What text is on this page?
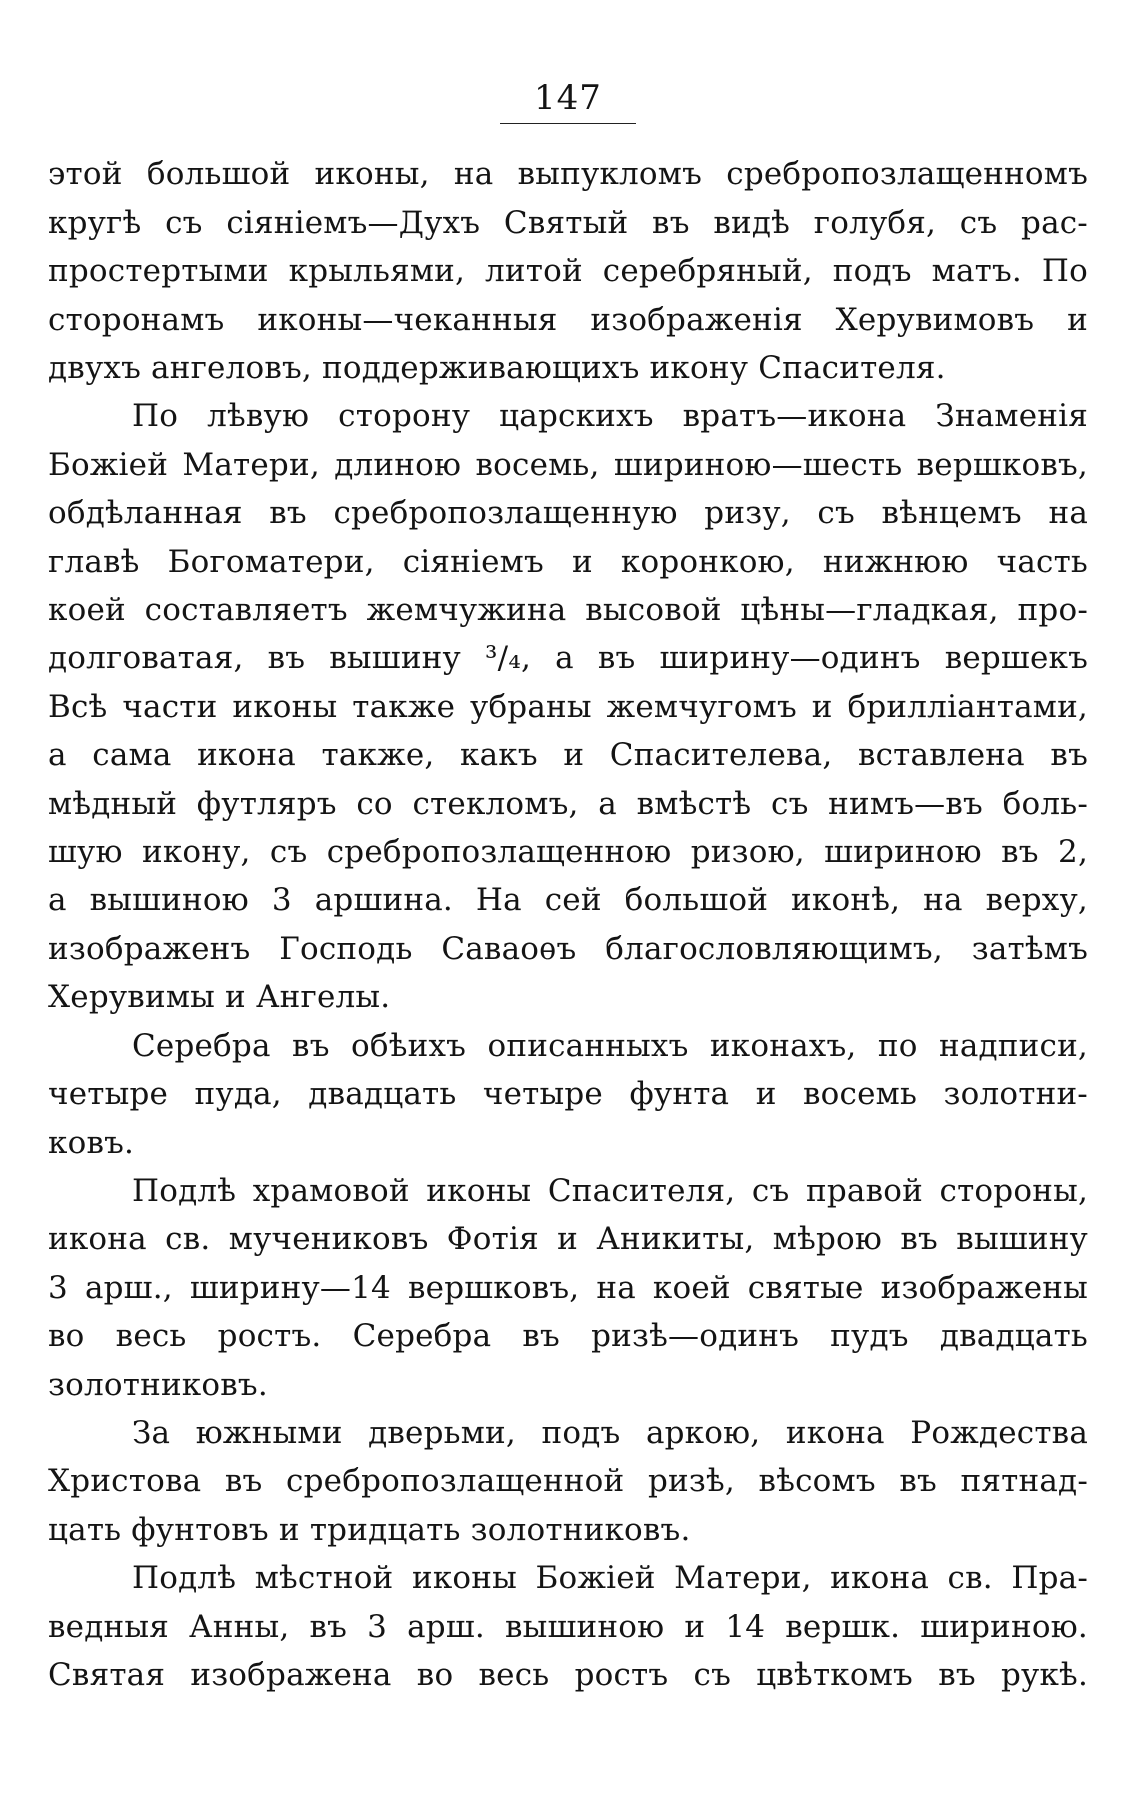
147

этой большой иконы, на выпукломъ сребропозлащенномъ
кругѣ съ сіяніемъ—Духъ Святый въ видѣ голубя, съ рас-
простертыми крыльями, литой серебряный, подъ матъ. По
сторонамъ иконы—чеканныя изображенія Херувимовъ и
двухъ ангеловъ, поддерживающихъ икону Спасителя.

По лѣвую сторону царскихъ вратъ—икона Знаменія
Божіей Матери, длиною восемь, шириною—шесть вершковъ,
обдѣланная въ сребропозлащенную ризу, съ вѣнцемъ на
главѣ Богоматери, сіяніемъ и коронкою, нижнюю часть
коей составляетъ жемчужина высовой цѣны—гладкая, про-
долговатая, въ вышину ³/₄, а въ ширину—одинъ вершекъ
Всѣ части иконы также убраны жемчугомъ и брилліантами,
а сама икона также, какъ и Спасителева, вставлена въ
мѣдный футляръ со стекломъ, а вмѣстѣ съ нимъ—въ боль-
шую икону, съ сребропозлащенною ризою, шириною въ 2,
а вышиною 3 аршина. На сей большой иконѣ, на верху,
изображенъ Господь Саваоѳъ благословляющимъ, затѣмъ
Херувимы и Ангелы.

Серебра въ обѣихъ описанныхъ иконахъ, по надписи,
четыре пуда, двадцать четыре фунта и восемь золотни-
ковъ.

Подлѣ храмовой иконы Спасителя, съ правой стороны,
икона св. мучениковъ Фотія и Аникиты, мѣрою въ вышину
3 арш., ширину—14 вершковъ, на коей святые изображены
во весь ростъ. Серебра въ ризѣ—одинъ пудъ двадцать
золотниковъ.

За южными дверьми, подъ аркою, икона Рождества
Христова въ сребропозлащенной ризѣ, вѣсомъ въ пятнад-
цать фунтовъ и тридцать золотниковъ.

Подлѣ мѣстной иконы Божіей Матери, икона св. Пра-
ведныя Анны, въ 3 арш. вышиною и 14 вершк. шириною.
Святая изображена во весь ростъ съ цвѣткомъ въ рукѣ.
